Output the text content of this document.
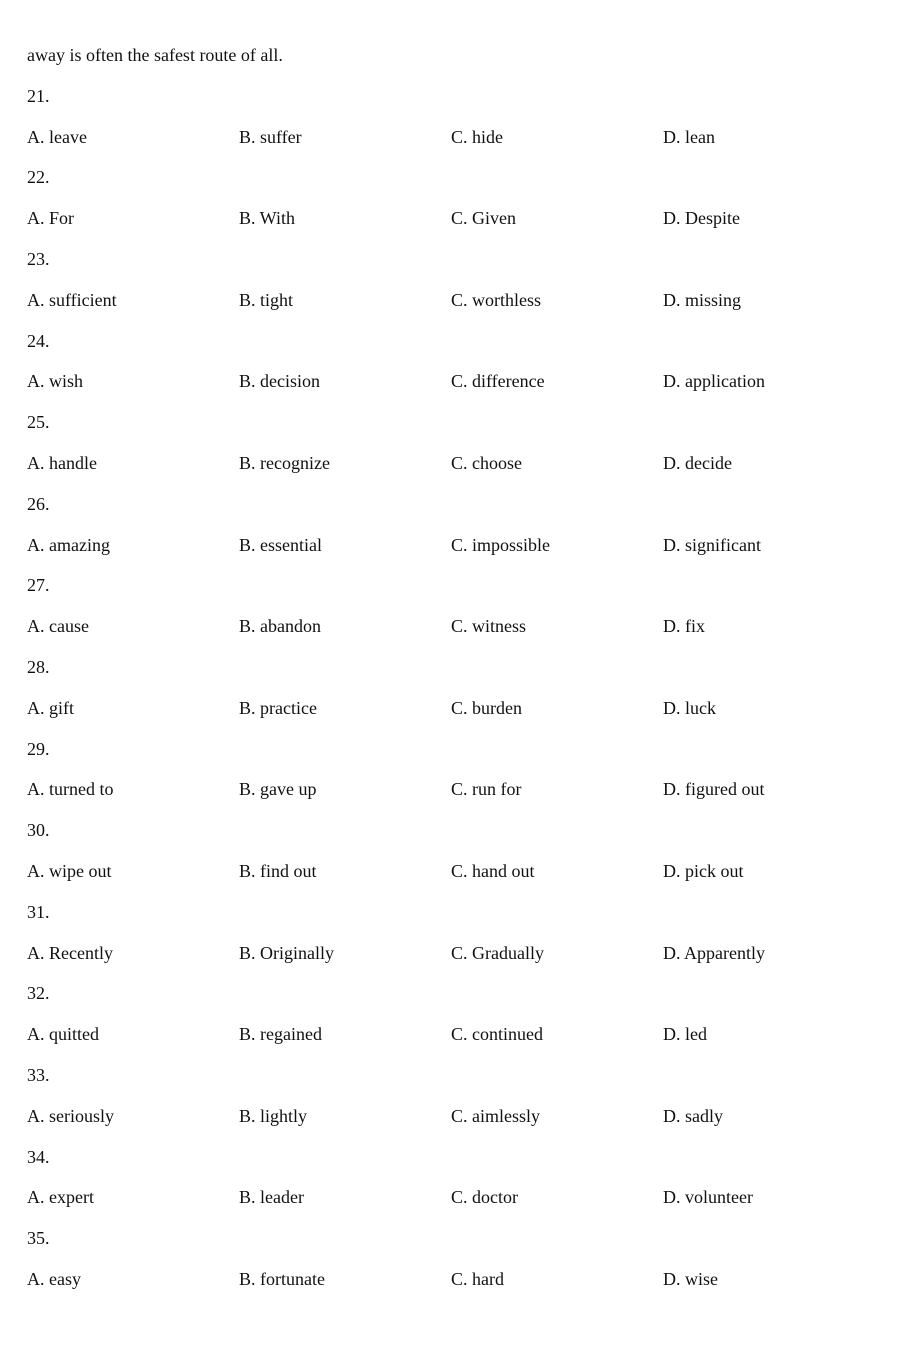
away is often the safest route of all.
21.
A. leave	B. suffer	C. hide	D. lean
22.
A. For	B. With	C. Given	D. Despite
23.
A. sufficient	B. tight	C. worthless	D. missing
24.
A. wish	B. decision	C. difference	D. application
25.
A. handle	B. recognize	C. choose	D. decide
26.
A. amazing	B. essential	C. impossible	D. significant
27.
A. cause	B. abandon	C. witness	D. fix
28.
A. gift	B. practice	C. burden	D. luck
29.
A. turned to	B. gave up	C. run for	D. figured out
30.
A. wipe out	B. find out	C. hand out	D. pick out
31.
A. Recently	B. Originally	C. Gradually	D. Apparently
32.
A. quitted	B. regained	C. continued	D. led
33.
A. seriously	B. lightly	C. aimlessly	D. sadly
34.
A. expert	B. leader	C. doctor	D. volunteer
35.
A. easy	B. fortunate	C. hard	D. wise
